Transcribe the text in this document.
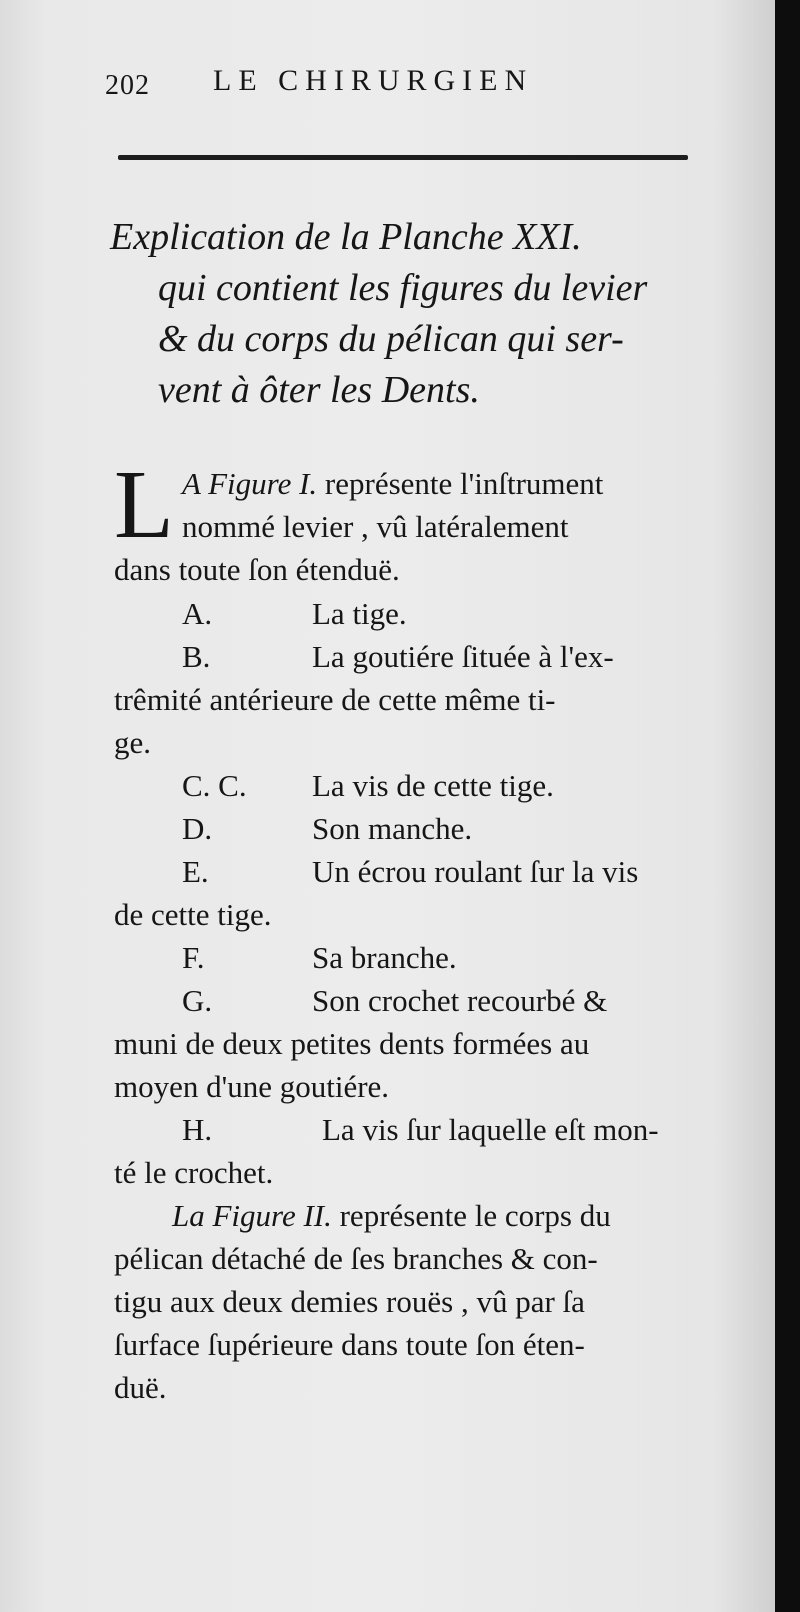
202 LE CHIRURGIEN
Explication de la Planche XXI.
qui contient les figures du levier
& du corps du pélican qui ser-
vent à ôter les Dents.
L A Figure I. représente l'inſtrument
nommé levier , vû latéralement
dans toute ſon étenduë.
A.	La tige.
B.	La goutiére ſituée à l'ex-
trêmité antérieure de cette même ti-
ge.
C. C. La vis de cette tige.
D.	Son manche.
E.	Un écrou roulant ſur la vis
de cette tige.
F.	Sa branche.
G.	Son crochet recourbé &
muni de deux petites dents formées au
moyen d'une goutiére.
H.	La vis ſur laquelle eſt mon-
té le crochet.
La Figure II. représente le corps du
pélican détaché de ſes branches & con-
tigu aux deux demies rouës , vû par ſa
ſurface ſupérieure dans toute ſon éten-
duë.
